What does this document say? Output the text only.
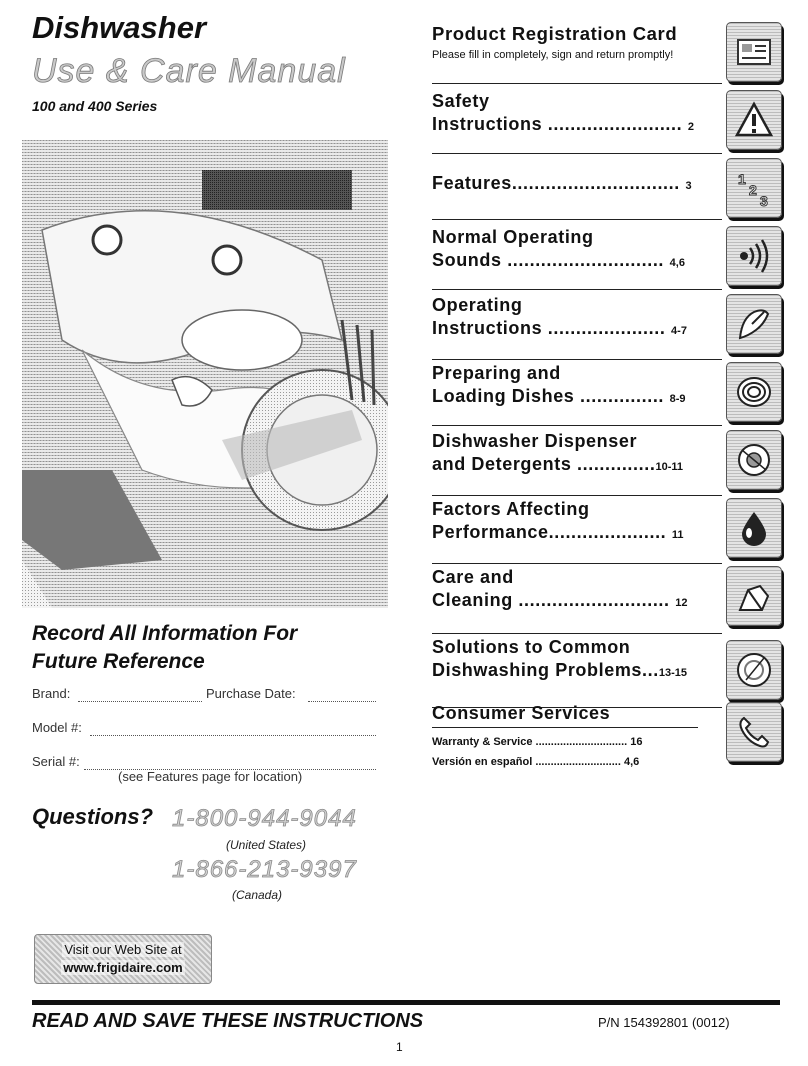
Dishwasher
Use & Care Manual
100 and 400 Series
Record All Information For
Future Reference
Brand:	Purchase Date:
Model #:
Serial #:
(see Features page for location)
Questions? 1-800-944-9044
(United States)
1-866-213-9397
(Canada)
Visit our Web Site at
www.frigidaire.com
READ AND SAVE THESE INSTRUCTIONS	P/N 154392801 (0012)
1
Product Registration Card
Please fill in completely, sign and return promptly!
Safety
Instructions ........................ 2
Features.............................. 3	1
2
3
Normal Operating
Sounds ............................ 4,6
Operating
Instructions ..................... 4-7
Preparing and
Loading Dishes ............... 8-9
Dishwasher Dispenser
and Detergents ..............10-11
Factors Affecting
Performance..................... 11
Care and
Cleaning ........................... 12
Solutions to Common
Dishwashing Problems...13-15
Consumer Services
Warranty & Service .............................. 16
Versión en español ............................ 4,6
